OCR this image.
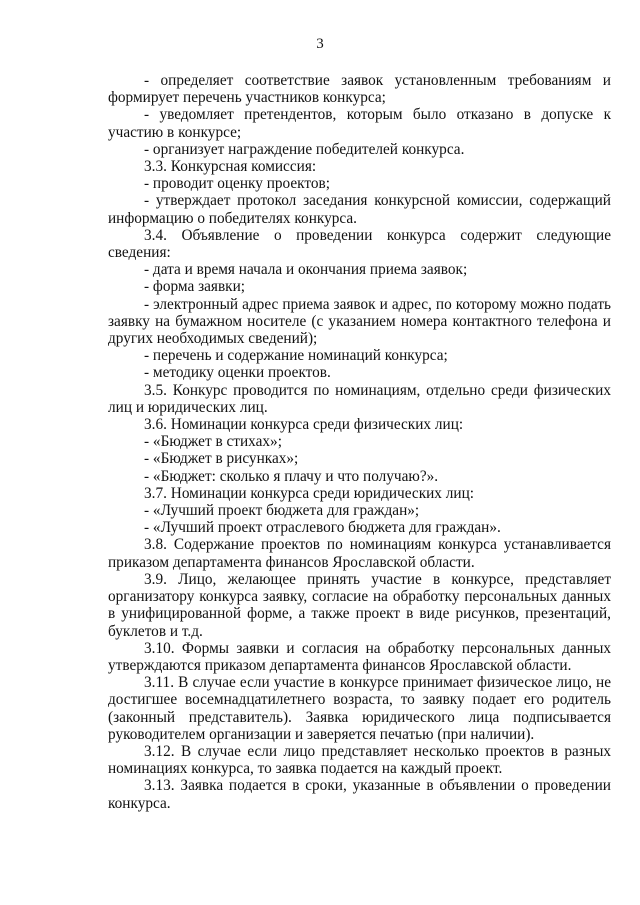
3

- определяет соответствие заявок установленным требованиям и формирует перечень участников конкурса;

- уведомляет претендентов, которым было отказано в допуске к участию в конкурсе;

- организует награждение победителей конкурса.

3.3. Конкурсная комиссия:

- проводит оценку проектов;

- утверждает протокол заседания конкурсной комиссии, содержащий информацию о победителях конкурса.

3.4. Объявление о проведении конкурса содержит следующие сведения:

- дата и время начала и окончания приема заявок;

- форма заявки;

- электронный адрес приема заявок и адрес, по которому можно подать заявку на бумажном носителе (с указанием номера контактного телефона и других необходимых сведений);

- перечень и содержание номинаций конкурса;

- методику оценки проектов.

3.5. Конкурс проводится по номинациям, отдельно среди физических лиц и юридических лиц.

3.6. Номинации конкурса среди физических лиц:

- «Бюджет в стихах»;

- «Бюджет в рисунках»;

- «Бюджет: сколько я плачу и что получаю?».

3.7. Номинации конкурса среди юридических лиц:

- «Лучший проект бюджета для граждан»;

- «Лучший проект отраслевого бюджета для граждан».

3.8. Содержание проектов по номинациям конкурса устанавливается приказом департамента финансов Ярославской области.

3.9. Лицо, желающее принять участие в конкурсе, представляет организатору конкурса заявку, согласие на обработку персональных данных в унифицированной форме, а также проект в виде рисунков, презентаций, буклетов и т.д.

3.10. Формы заявки и согласия на обработку персональных данных утверждаются приказом департамента финансов Ярославской области.

3.11. В случае если участие в конкурсе принимает физическое лицо, не достигшее восемнадцатилетнего возраста, то заявку подает его родитель (законный представитель). Заявка юридического лица подписывается руководителем организации и заверяется печатью (при наличии).

3.12. В случае если лицо представляет несколько проектов в разных номинациях конкурса, то заявка подается на каждый проект.

3.13. Заявка подается в сроки, указанные в объявлении о проведении конкурса.
